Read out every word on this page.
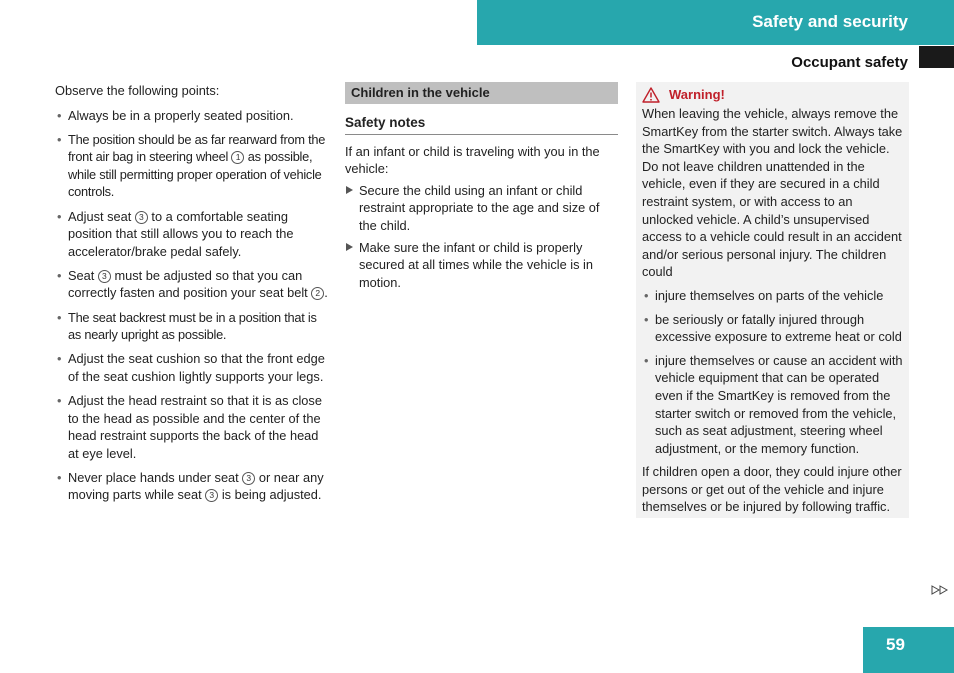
Safety and security
Occupant safety

Observe the following points:

• Always be in a properly seated position.
• The position should be as far rearward from the front air bag in steering wheel 1 as possible, while still permitting proper operation of vehicle controls.
• Adjust seat 3 to a comfortable seating position that still allows you to reach the accelerator/brake pedal safely.
• Seat 3 must be adjusted so that you can correctly fasten and position your seat belt 2 .
• The seat backrest must be in a position that is as nearly upright as possible.
• Adjust the seat cushion so that the front edge of the seat cushion lightly supports your legs.
• Adjust the head restraint so that it is as close to the head as possible and the center of the head restraint supports the back of the head at eye level.
• Never place hands under seat 3 or near any moving parts while seat 3 is being adjusted.
Children in the vehicle
Safety notes

If an infant or child is traveling with you in the vehicle:

Secure the child using an infant or child restraint appropriate to the age and size of the child.
Make sure the infant or child is properly secured at all times while the vehicle is in motion.
Warning!

When leaving the vehicle, always remove the SmartKey from the starter switch. Always take the SmartKey with you and lock the vehicle. Do not leave children unattended in the vehicle, even if they are secured in a child restraint system, or with access to an unlocked vehicle. A child’s unsupervised access to a vehicle could result in an accident and/or serious personal injury. The children could

• injure themselves on parts of the vehicle
• be seriously or fatally injured through excessive exposure to extreme heat or cold
• injure themselves or cause an accident with vehicle equipment that can be operated even if the SmartKey is removed from the starter switch or removed from the vehicle, such as seat adjustment, steering wheel adjustment, or the memory function.

If children open a door, they could injure other persons or get out of the vehicle and injure themselves or be injured by following traffic.

59
